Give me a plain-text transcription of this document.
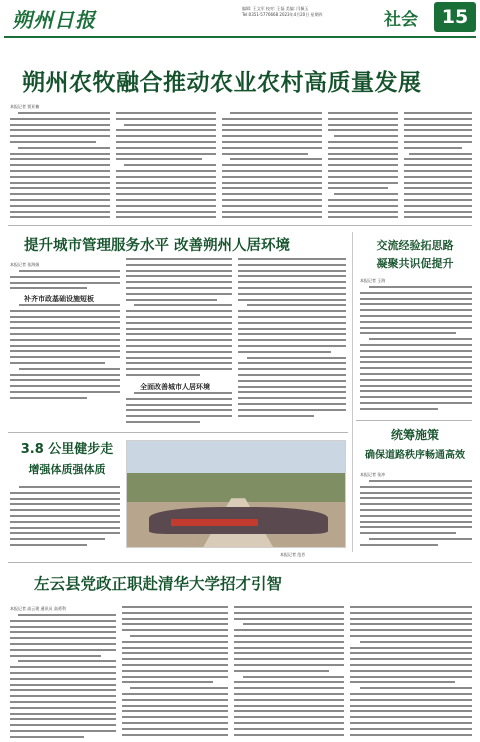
朔州日报	编辑: 王文军 校对: 王磊 美编: 闫佩玉
Tel:0351-5776668 2023年4月20日 星期四	社会	15
朔州农牧融合推动农业农村高质量发展
本报记者 贾亚楠
提升城市管理服务水平 改善朔州人居环境
本报记者 张海娟
补齐市政基础设施短板
全面改善城市人居环境
交流经验拓思路
凝聚共识促提升
本报记者 王海
统筹施策
确保道路秩序畅通高效
本报记者 张冲
3.8 公里健步走
增强体质强体质
本报记者 范芳
左云县党政正职赴清华大学招才引智
本报记者 高云建 通讯员 高勇利
